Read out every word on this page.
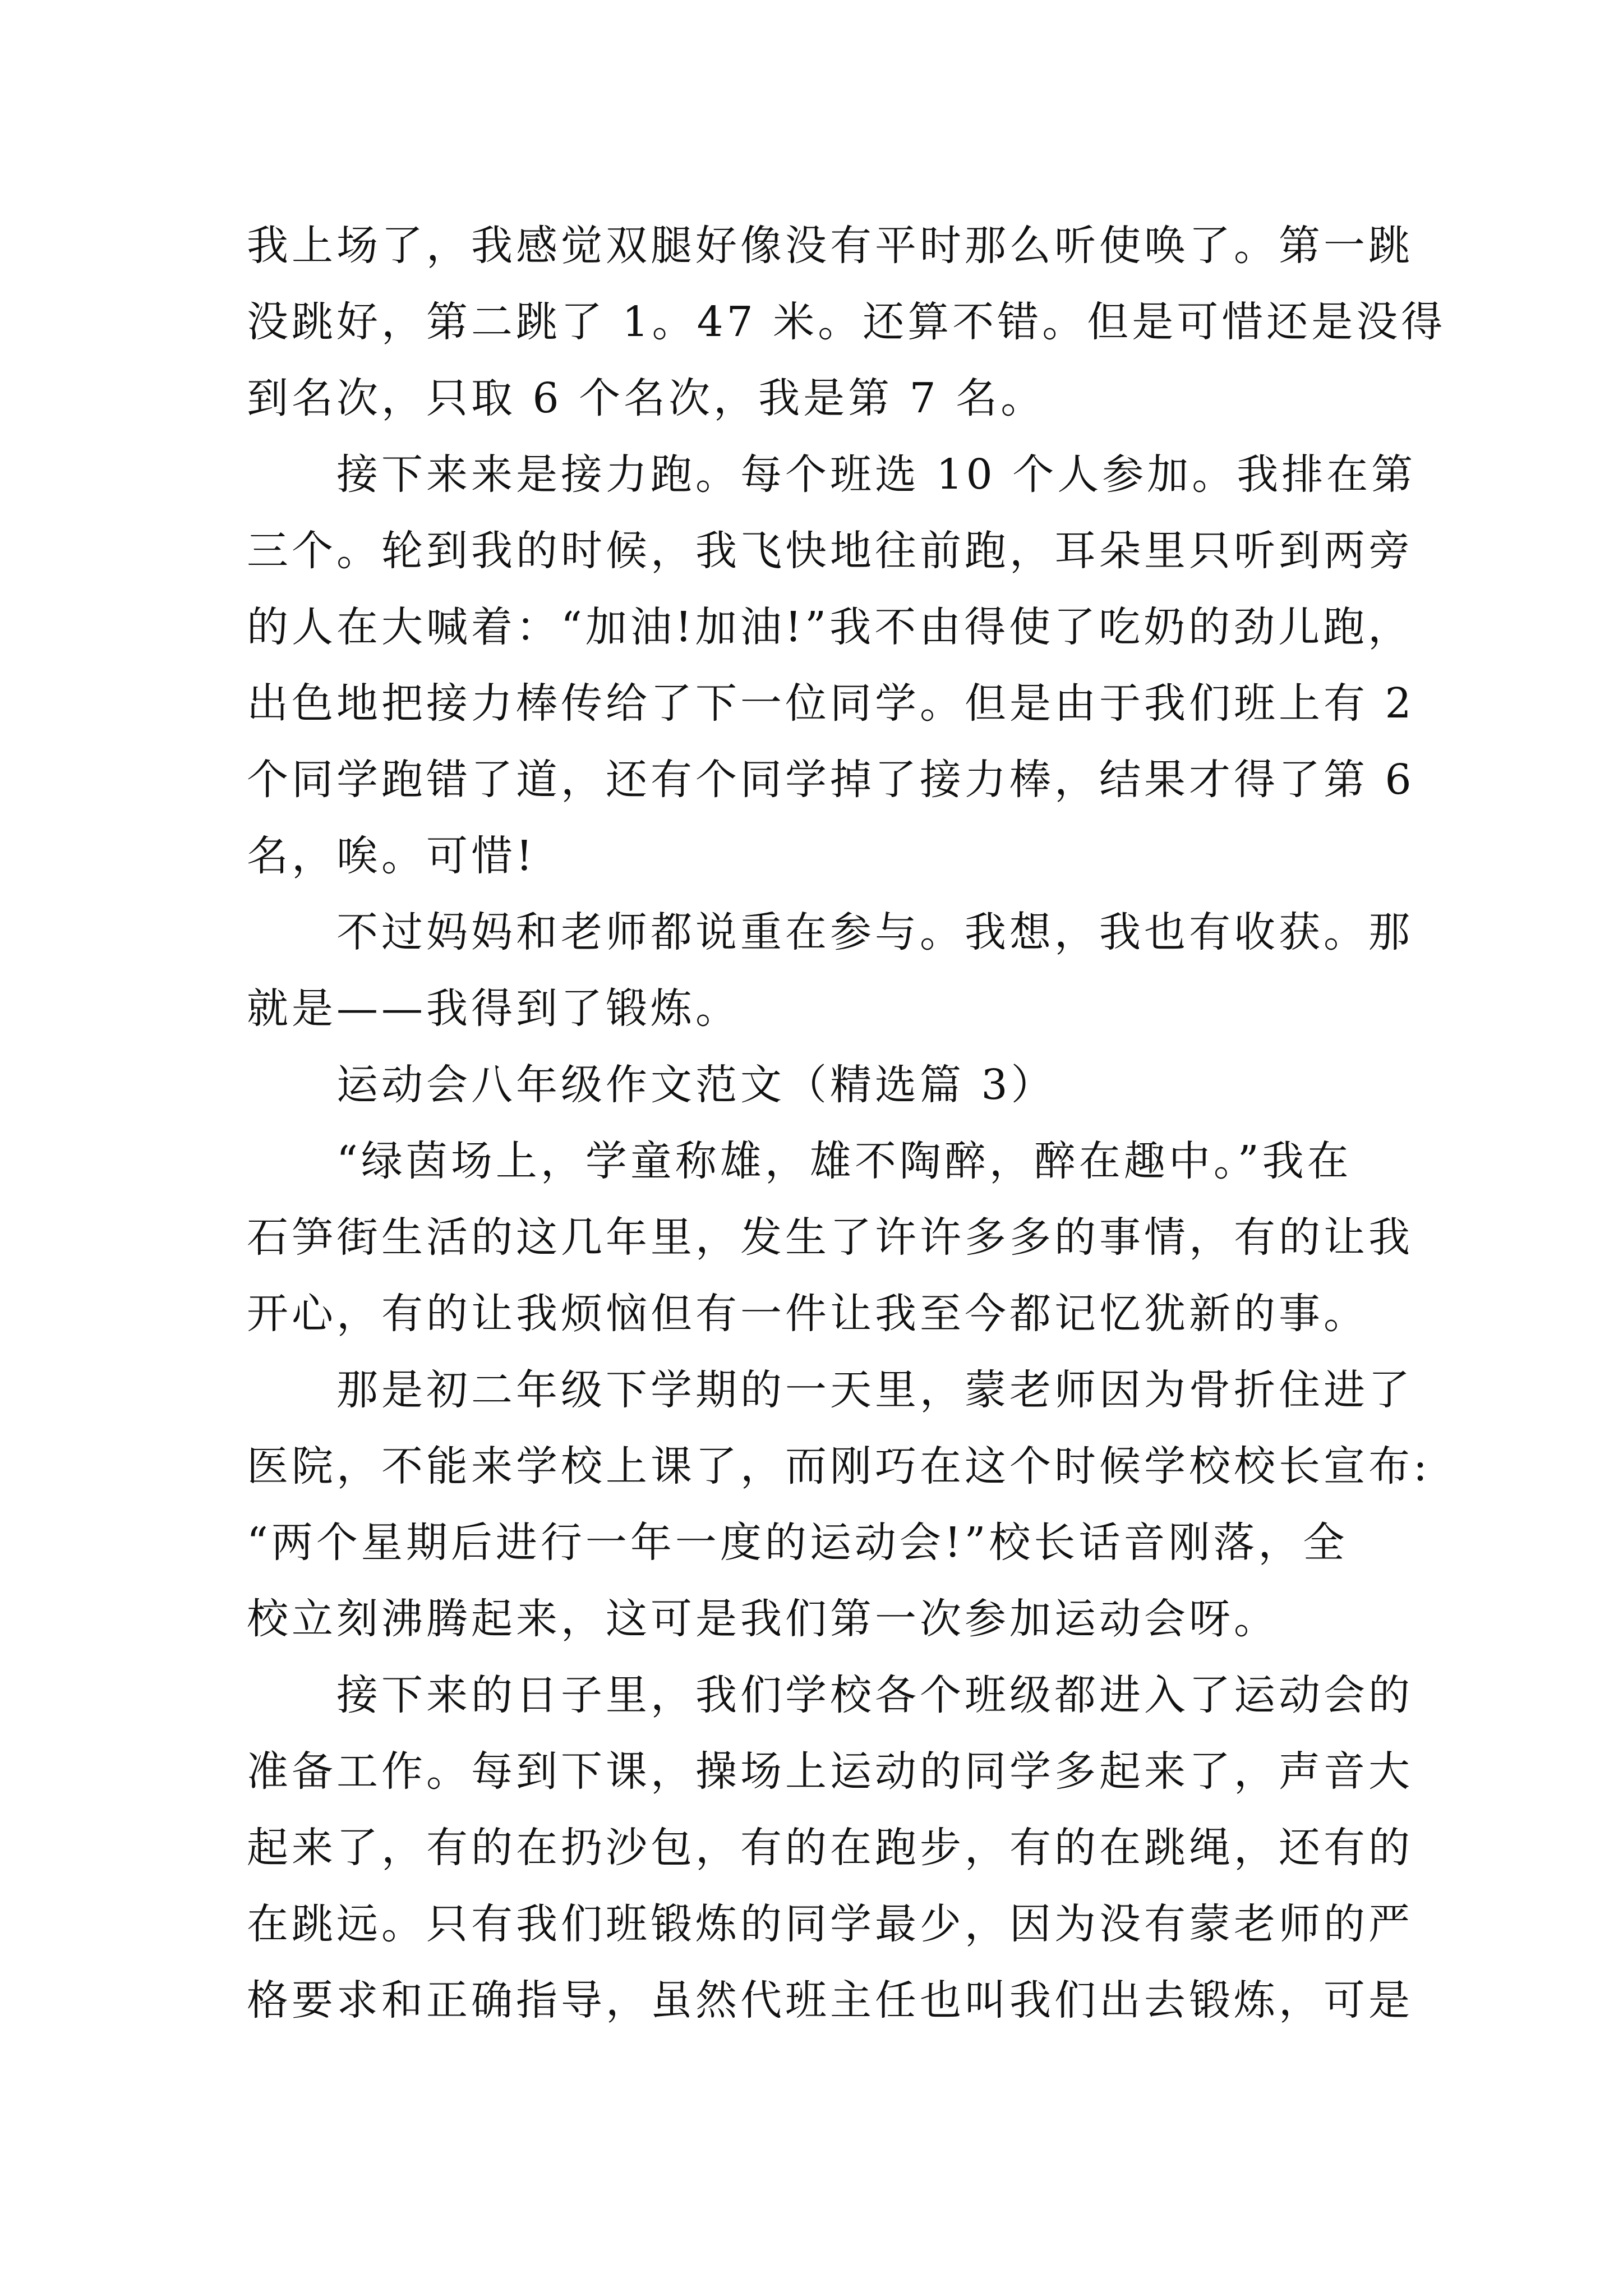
我上场了，我感觉双腿好像没有平时那么听使唤了。第一跳
没跳好，第二跳了 1。47 米。还算不错。但是可惜还是没得
到名次，只取 6 个名次，我是第 7 名。
接下来来是接力跑。每个班选 10 个人参加。我排在第
三个。轮到我的时候，我飞快地往前跑，耳朵里只听到两旁
的人在大喊着：“加油!加油!”我不由得使了吃奶的劲儿跑，
出色地把接力棒传给了下一位同学。但是由于我们班上有 2
个同学跑错了道，还有个同学掉了接力棒，结果才得了第 6
名，唉。可惜!
不过妈妈和老师都说重在参与。我想，我也有收获。那
就是——我得到了锻炼。
运动会八年级作文范文（精选篇 3）
“绿茵场上，学童称雄，雄不陶醉，醉在趣中。”我在
石笋街生活的这几年里，发生了许许多多的事情，有的让我
开心，有的让我烦恼但有一件让我至今都记忆犹新的事。
那是初二年级下学期的一天里，蒙老师因为骨折住进了
医院，不能来学校上课了，而刚巧在这个时候学校校长宣布:
“两个星期后进行一年一度的运动会!”校长话音刚落，全
校立刻沸腾起来，这可是我们第一次参加运动会呀。
接下来的日子里，我们学校各个班级都进入了运动会的
准备工作。每到下课，操场上运动的同学多起来了，声音大
起来了，有的在扔沙包，有的在跑步，有的在跳绳，还有的
在跳远。只有我们班锻炼的同学最少，因为没有蒙老师的严
格要求和正确指导，虽然代班主任也叫我们出去锻炼，可是
